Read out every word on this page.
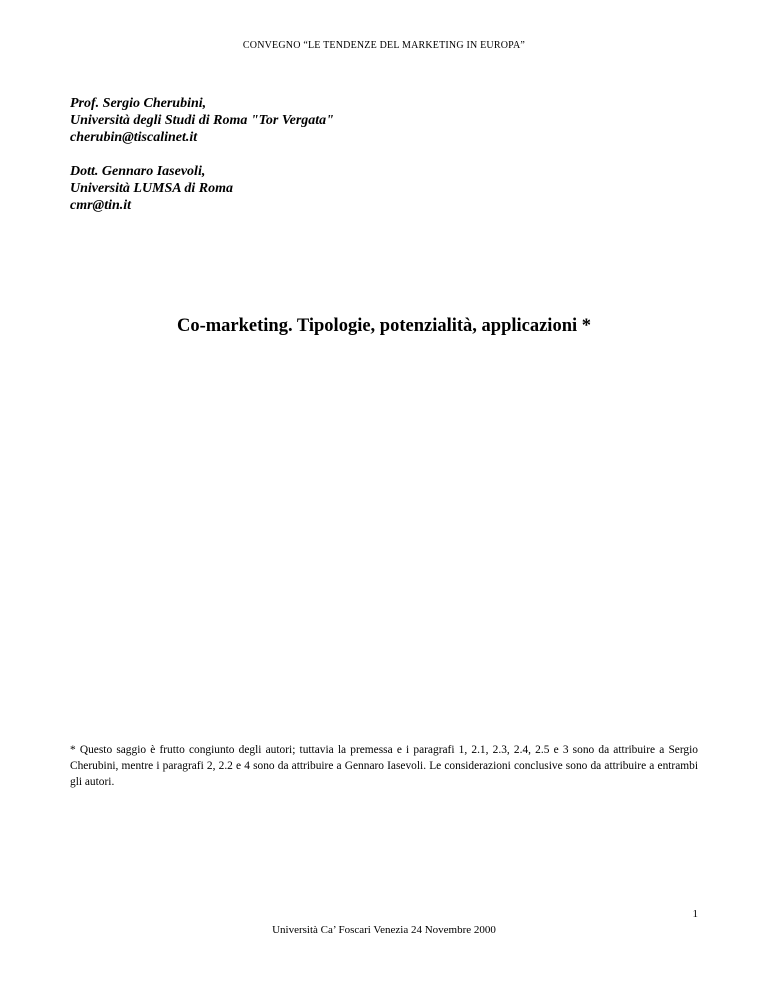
CONVEGNO “LE TENDENZE DEL MARKETING IN EUROPA”
Prof. Sergio Cherubini,
Università degli Studi di Roma "Tor Vergata"
cherubin@tiscalinet.it
Dott. Gennaro Iasevoli,
Università LUMSA di Roma
cmr@tin.it
Co-marketing. Tipologie, potenzialità, applicazioni *
* Questo saggio è frutto congiunto degli autori; tuttavia la premessa e i paragrafi 1, 2.1, 2.3, 2.4, 2.5 e 3 sono da attribuire a Sergio Cherubini, mentre i paragrafi 2, 2.2 e 4 sono da attribuire a Gennaro Iasevoli. Le considerazioni conclusive sono da attribuire a entrambi gli autori.
1
Università Ca’ Foscari Venezia 24 Novembre 2000
